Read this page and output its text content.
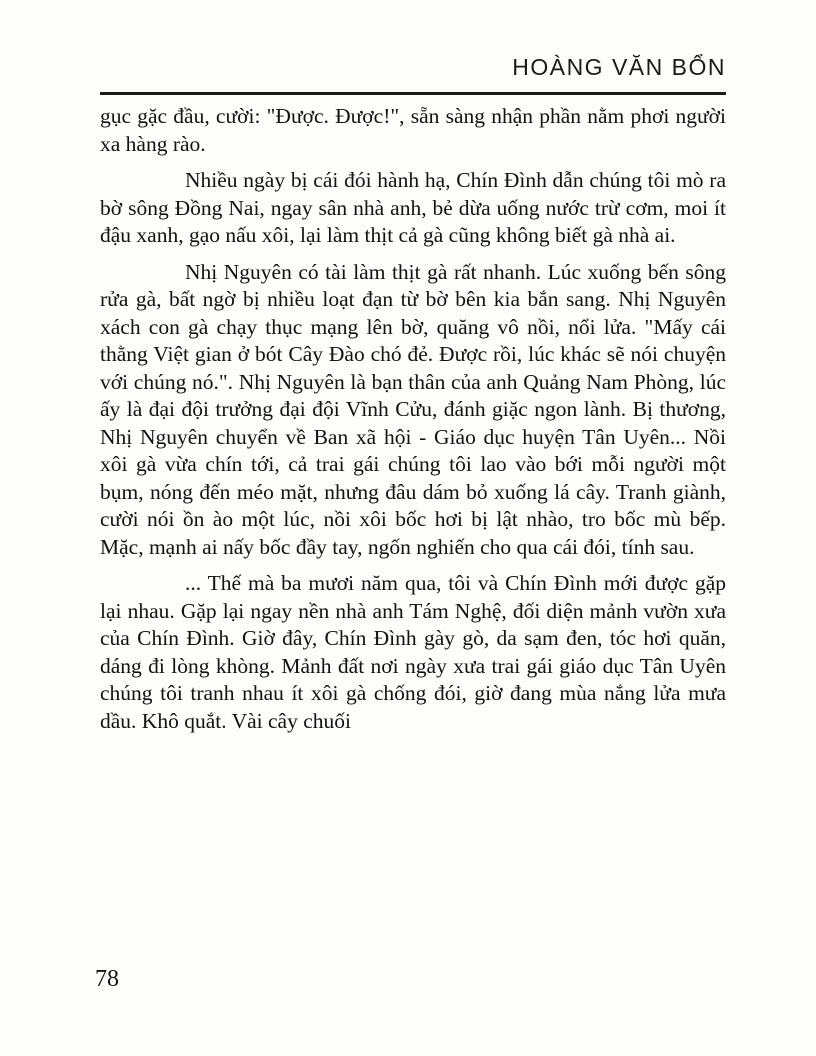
HOÀNG VĂN BỔN

gục gặc đầu, cười: "Được. Được!", sẵn sàng nhận phần nằm phơi người xa hàng rào.

Nhiều ngày bị cái đói hành hạ, Chín Đình dẫn chúng tôi mò ra bờ sông Đồng Nai, ngay sân nhà anh, bẻ dừa uống nước trừ cơm, moi ít đậu xanh, gạo nấu xôi, lại làm thịt cả gà cũng không biết gà nhà ai.

Nhị Nguyên có tài làm thịt gà rất nhanh. Lúc xuống bến sông rửa gà, bất ngờ bị nhiều loạt đạn từ bờ bên kia bắn sang. Nhị Nguyên xách con gà chạy thục mạng lên bờ, quăng vô nồi, nổi lửa. "Mấy cái thằng Việt gian ở bót Cây Đào chó đẻ. Được rồi, lúc khác sẽ nói chuyện với chúng nó.". Nhị Nguyên là bạn thân của anh Quảng Nam Phòng, lúc ấy là đại đội trưởng đại đội Vĩnh Cửu, đánh giặc ngon lành. Bị thương, Nhị Nguyên chuyển về Ban xã hội - Giáo dục huyện Tân Uyên... Nồi xôi gà vừa chín tới, cả trai gái chúng tôi lao vào bới mỗi người một bụm, nóng đến méo mặt, nhưng đâu dám bỏ xuống lá cây. Tranh giành, cười nói ồn ào một lúc, nồi xôi bốc hơi bị lật nhào, tro bốc mù bếp. Mặc, mạnh ai nấy bốc đầy tay, ngốn nghiến cho qua cái đói, tính sau.

... Thế mà ba mươi năm qua, tôi và Chín Đình mới được gặp lại nhau. Gặp lại ngay nền nhà anh Tám Nghệ, đối diện mảnh vườn xưa của Chín Đình. Giờ đây, Chín Đình gày gò, da sạm đen, tóc hơi quăn, dáng đi lòng khòng. Mảnh đất nơi ngày xưa trai gái giáo dục Tân Uyên chúng tôi tranh nhau ít xôi gà chống đói, giờ đang mùa nắng lửa mưa dầu. Khô quắt. Vài cây chuối

78
